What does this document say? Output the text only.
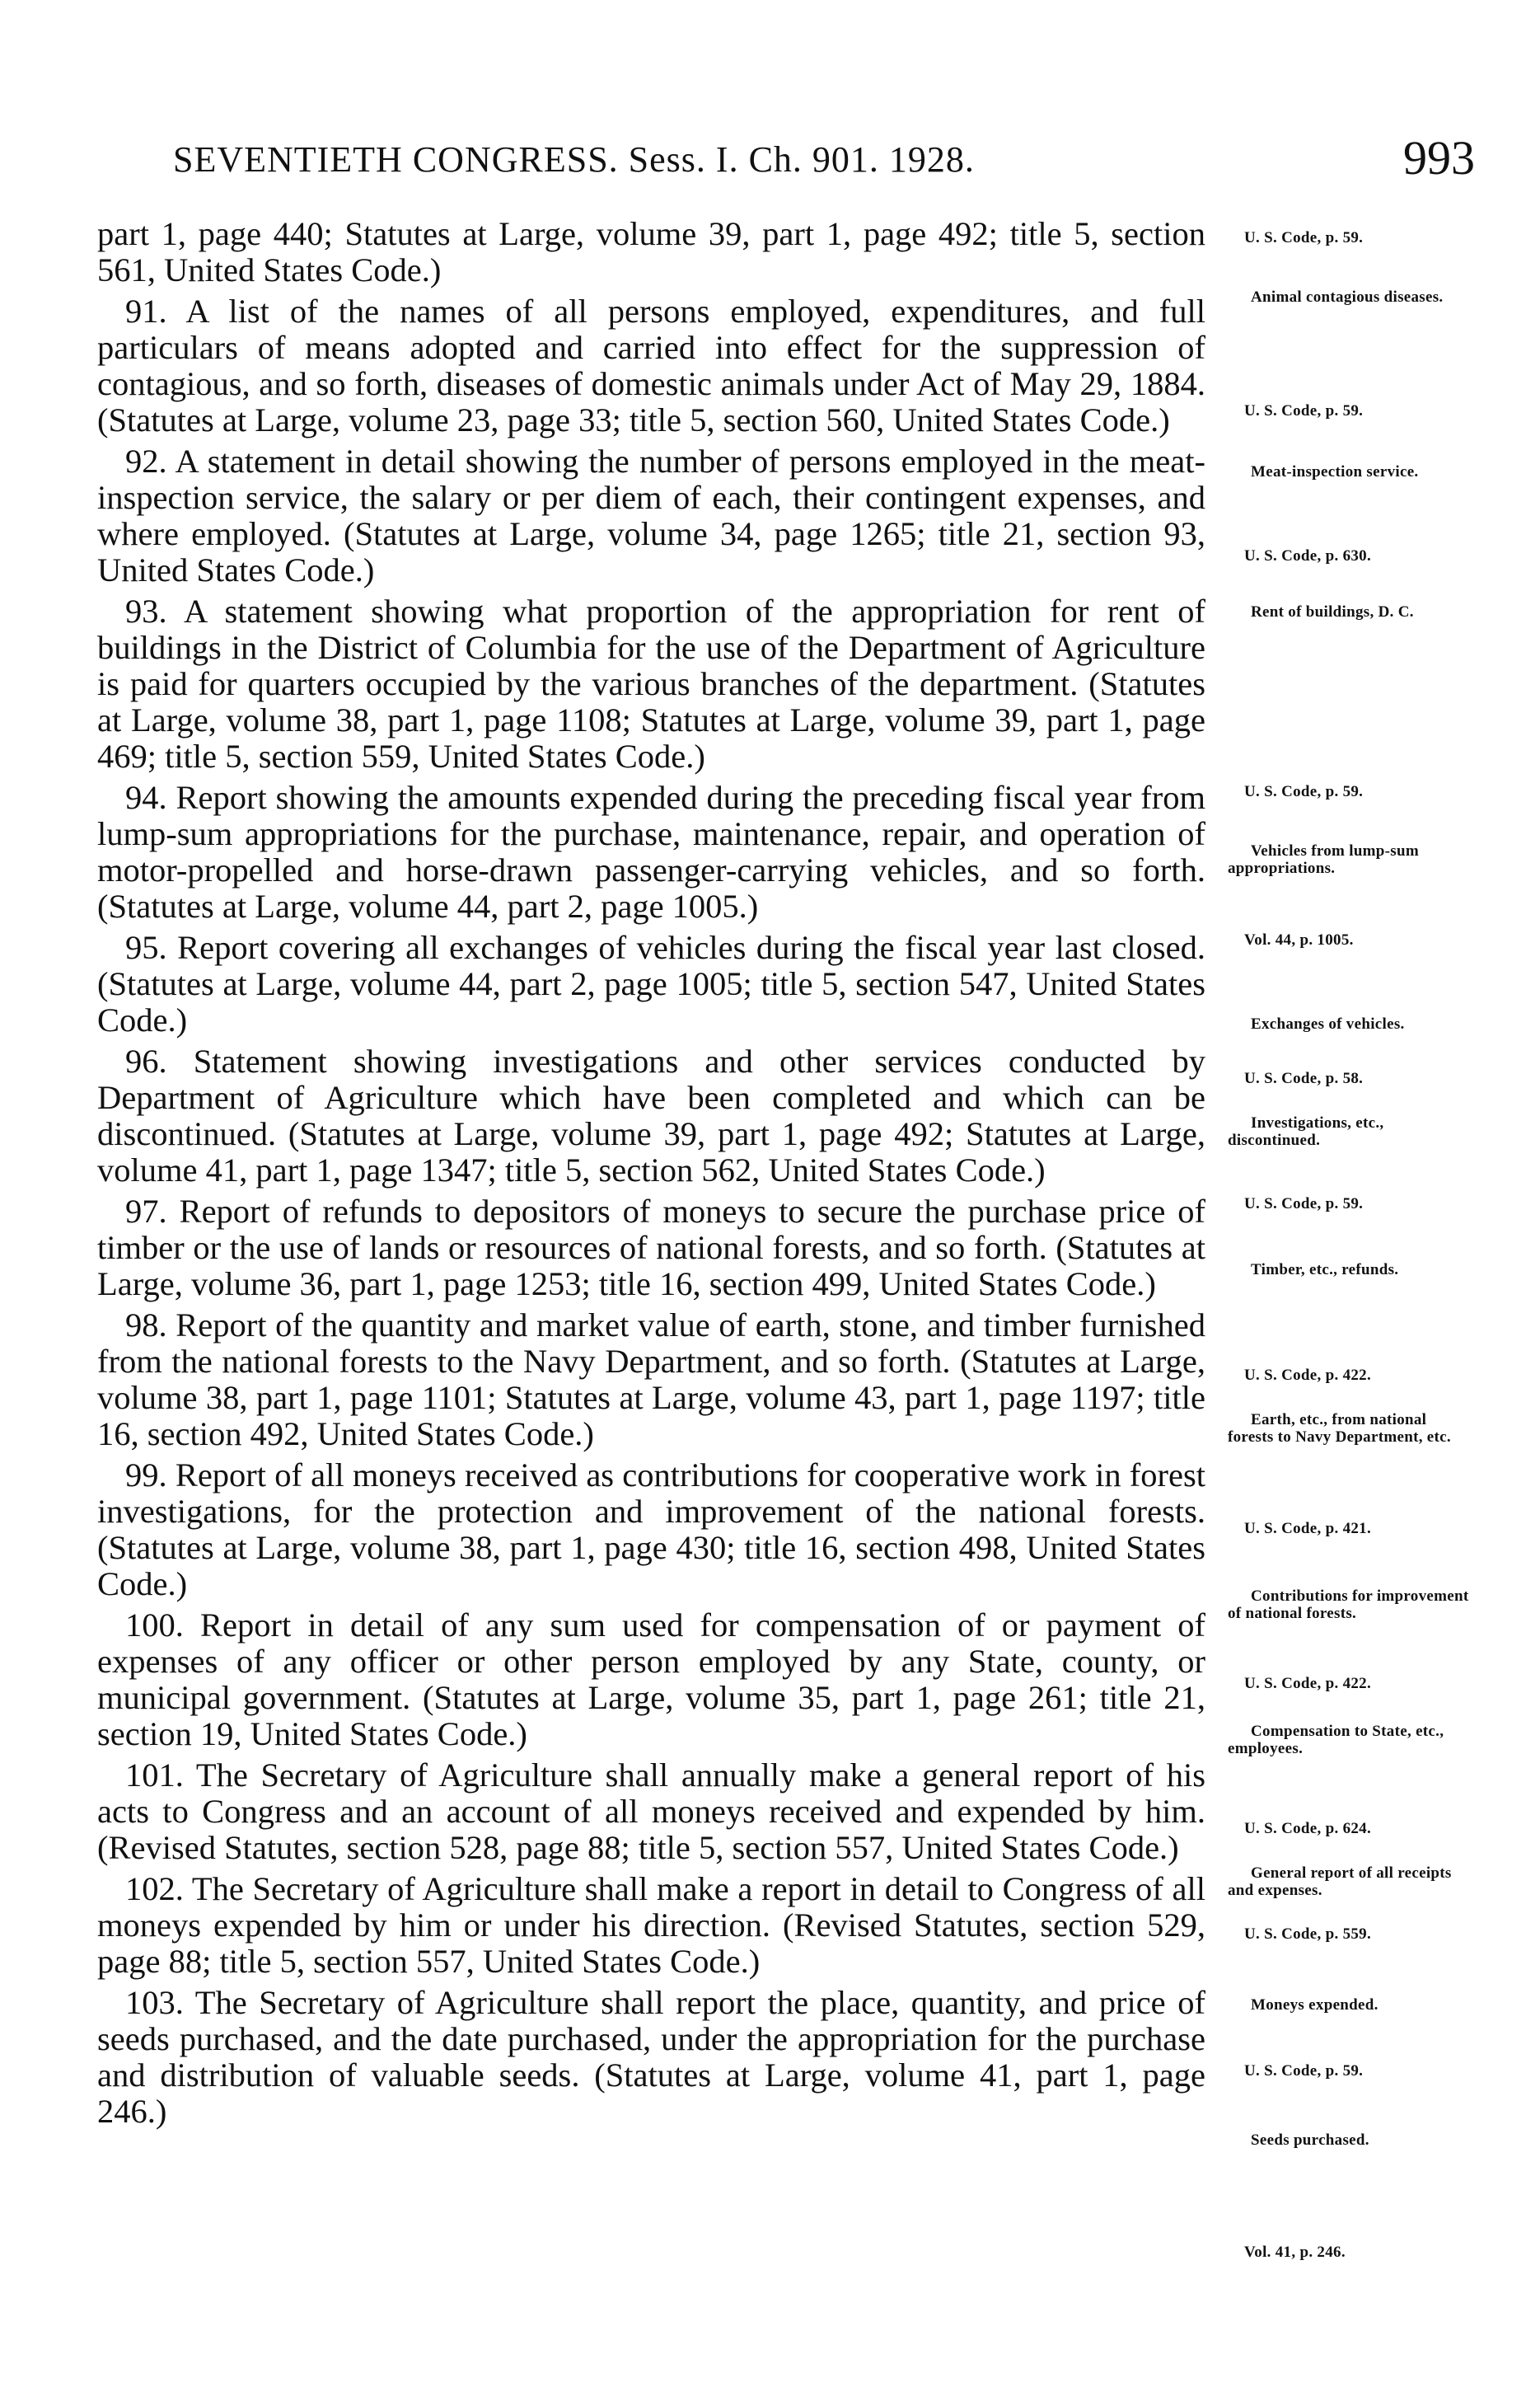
SEVENTIETH CONGRESS. Sess. I. Ch. 901. 1928.	993

part 1, page 440; Statutes at Large, volume 39, part 1, page 492; title 5, section 561, United States Code.)

91. A list of the names of all persons employed, expenditures, and full particulars of means adopted and carried into effect for the suppression of contagious, and so forth, diseases of domestic animals under Act of May 29, 1884. (Statutes at Large, volume 23, page 33; title 5, section 560, United States Code.)

92. A statement in detail showing the number of persons employed in the meat-inspection service, the salary or per diem of each, their contingent expenses, and where employed. (Statutes at Large, volume 34, page 1265; title 21, section 93, United States Code.)

93. A statement showing what proportion of the appropriation for rent of buildings in the District of Columbia for the use of the Department of Agriculture is paid for quarters occupied by the various branches of the department. (Statutes at Large, volume 38, part 1, page 1108; Statutes at Large, volume 39, part 1, page 469; title 5, section 559, United States Code.)

94. Report showing the amounts expended during the preceding fiscal year from lump-sum appropriations for the purchase, maintenance, repair, and operation of motor-propelled and horse-drawn passenger-carrying vehicles, and so forth. (Statutes at Large, volume 44, part 2, page 1005.)

95. Report covering all exchanges of vehicles during the fiscal year last closed. (Statutes at Large, volume 44, part 2, page 1005; title 5, section 547, United States Code.)

96. Statement showing investigations and other services conducted by Department of Agriculture which have been completed and which can be discontinued. (Statutes at Large, volume 39, part 1, page 492; Statutes at Large, volume 41, part 1, page 1347; title 5, section 562, United States Code.)

97. Report of refunds to depositors of moneys to secure the purchase price of timber or the use of lands or resources of national forests, and so forth. (Statutes at Large, volume 36, part 1, page 1253; title 16, section 499, United States Code.)

98. Report of the quantity and market value of earth, stone, and timber furnished from the national forests to the Navy Department, and so forth. (Statutes at Large, volume 38, part 1, page 1101; Statutes at Large, volume 43, part 1, page 1197; title 16, section 492, United States Code.)

99. Report of all moneys received as contributions for cooperative work in forest investigations, for the protection and improvement of the national forests. (Statutes at Large, volume 38, part 1, page 430; title 16, section 498, United States Code.)

100. Report in detail of any sum used for compensation of or payment of expenses of any officer or other person employed by any State, county, or municipal government. (Statutes at Large, volume 35, part 1, page 261; title 21, section 19, United States Code.)

101. The Secretary of Agriculture shall annually make a general report of his acts to Congress and an account of all moneys received and expended by him. (Revised Statutes, section 528, page 88; title 5, section 557, United States Code.)

102. The Secretary of Agriculture shall make a report in detail to Congress of all moneys expended by him or under his direction. (Revised Statutes, section 529, page 88; title 5, section 557, United States Code.)

103. The Secretary of Agriculture shall report the place, quantity, and price of seeds purchased, and the date purchased, under the appropriation for the purchase and distribution of valuable seeds. (Statutes at Large, volume 41, part 1, page 246.)

U. S. Code, p. 59.
Animal contagious diseases.
U. S. Code, p. 59.
Meat-inspection service.
U. S. Code, p. 630.
Rent of buildings, D. C.
U. S. Code, p. 59.
Vehicles from lump-sum appropriations.
Vol. 44, p. 1005.
Exchanges of vehicles.
U. S. Code, p. 58.
Investigations, etc., discontinued.
U. S. Code, p. 59.
Timber, etc., refunds.
U. S. Code, p. 422.
Earth, etc., from national forests to Navy Department, etc.
U. S. Code, p. 421.
Contributions for improvement of national forests.
U. S. Code, p. 422.
Compensation to State, etc., employees.
U. S. Code, p. 624.
General report of all receipts and expenses.
U. S. Code, p. 559.
Moneys expended.
U. S. Code, p. 59.
Seeds purchased.
Vol. 41, p. 246.
